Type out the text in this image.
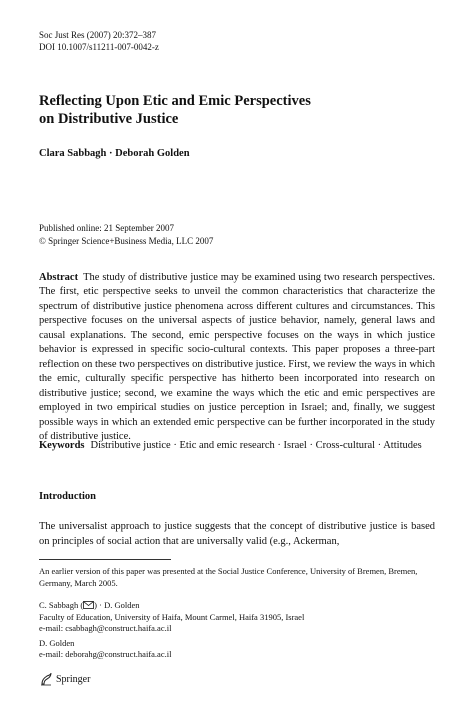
Soc Just Res (2007) 20:372–387
DOI 10.1007/s11211-007-0042-z
Reflecting Upon Etic and Emic Perspectives
on Distributive Justice
Clara Sabbagh · Deborah Golden
Published online: 21 September 2007
© Springer Science+Business Media, LLC 2007
Abstract The study of distributive justice may be examined using two research perspectives. The first, etic perspective seeks to unveil the common characteristics that characterize the spectrum of distributive justice phenomena across different cultures and circumstances. This perspective focuses on the universal aspects of justice behavior, namely, general laws and causal explanations. The second, emic perspective focuses on the ways in which justice behavior is expressed in specific socio-cultural contexts. This paper proposes a three-part reflection on these two perspectives on distributive justice. First, we review the ways in which the emic, culturally specific perspective has hitherto been incorporated into research on distributive justice; second, we examine the ways which the etic and emic perspectives are employed in two empirical studies on justice perception in Israel; and, finally, we suggest possible ways in which an extended emic perspective can be further incorporated in the study of distributive justice.
Keywords Distributive justice · Etic and emic research · Israel · Cross-cultural · Attitudes
Introduction
The universalist approach to justice suggests that the concept of distributive justice is based on principles of social action that are universally valid (e.g., Ackerman,
An earlier version of this paper was presented at the Social Justice Conference, University of Bremen, Bremen, Germany, March 2005.
C. Sabbagh ( ) · D. Golden
Faculty of Education, University of Haifa, Mount Carmel, Haifa 31905, Israel
e-mail: csabbagh@construct.haifa.ac.il
D. Golden
e-mail: deborahg@construct.haifa.ac.il
Springer
